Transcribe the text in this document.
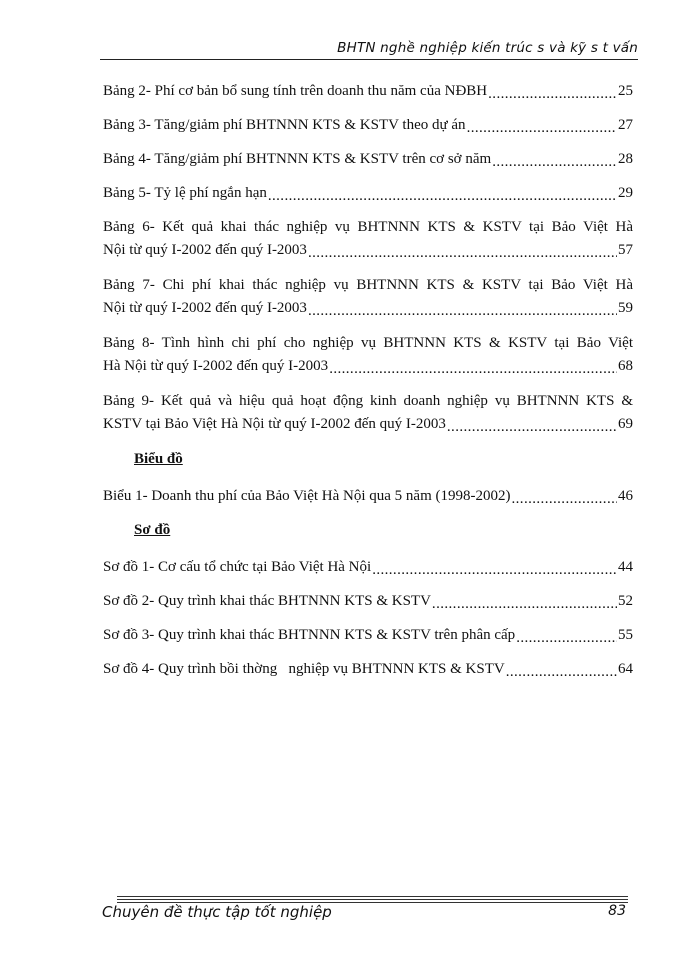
BHTN nghề nghiệp kiến trúc s và kỹ s t vấn
Bảng 2- Phí cơ bản bổ sung tính trên doanh thu năm của NĐBH .....	25
Bảng 3- Tăng/giảm phí BHTNNN KTS & KSTV theo dự án .....	27
Bảng 4- Tăng/giảm phí BHTNNN KTS & KSTV trên cơ sở năm .....	28
Bảng 5- Tỷ lệ phí ngắn hạn .....	29
Bảng 6- Kết quả khai thác nghiệp vụ BHTNNN KTS & KSTV tại Bảo Việt Hà
Nội từ quý I-2002 đến quý I-2003 .....	57
Bảng 7- Chi phí khai thác nghiệp vụ BHTNNN KTS & KSTV tại Bảo Việt Hà
Nội từ quý I-2002 đến quý I-2003 .....	59
Bảng 8- Tình hình chi phí cho nghiệp vụ BHTNNN KTS & KSTV tại Bảo Việt
Hà Nội từ quý I-2002 đến quý I-2003 .....	68
Bảng 9- Kết quả và hiệu quả hoạt động kinh doanh nghiệp vụ BHTNNN KTS &
KSTV tại Bảo Việt Hà Nội từ quý I-2002 đến quý I-2003 .....	69
Biểu đồ
Biểu 1- Doanh thu phí của Bảo Việt Hà Nội qua 5 năm (1998-2002) .....	46
Sơ đồ
Sơ đồ 1- Cơ cấu tổ chức tại Bảo Việt Hà Nội .....	44
Sơ đồ 2- Quy trình khai thác BHTNNN KTS & KSTV .....	52
Sơ đồ 3- Quy trình khai thác BHTNNN KTS & KSTV trên phân cấp .....	55
Sơ đồ 4- Quy trình bồi thờng   nghiệp vụ BHTNNN KTS & KSTV .....	64
Chuyên đề thực tập tốt nghiệp	83
